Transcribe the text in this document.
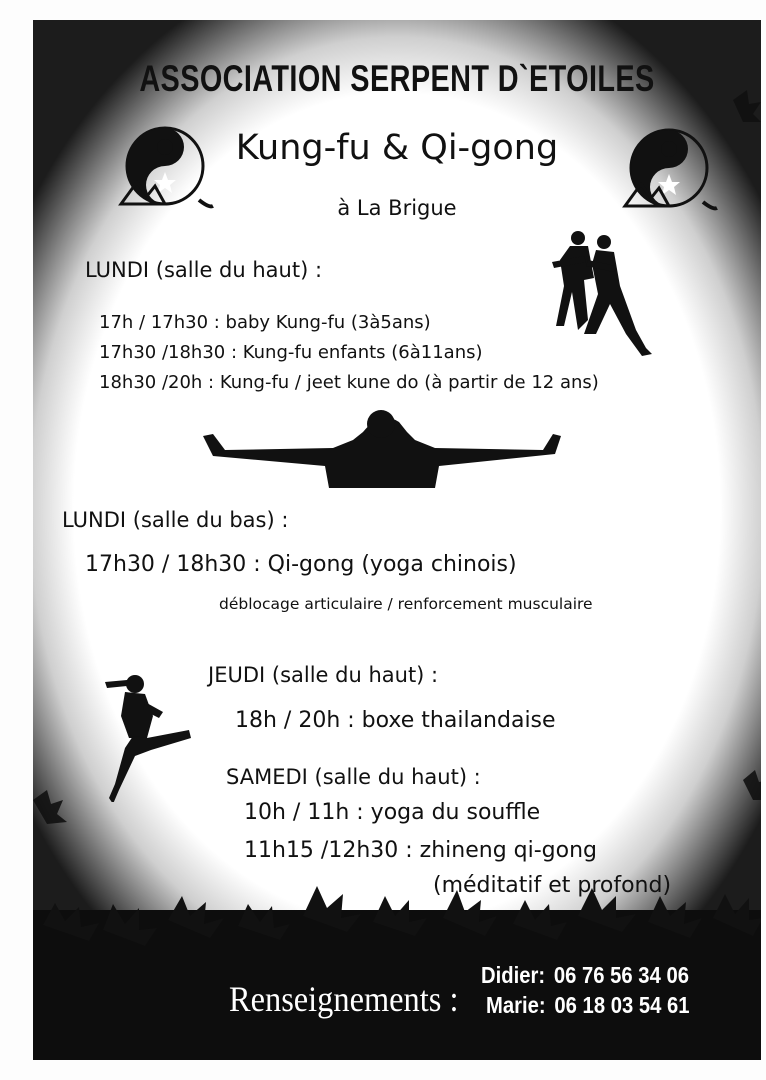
ASSOCIATION SERPENT D`ETOILES
Kung-fu & Qi-gong
à La Brigue
LUNDI (salle du haut) :
17h / 17h30 : baby Kung-fu (3à5ans)
17h30 /18h30 : Kung-fu enfants (6à11ans)
18h30 /20h : Kung-fu / jeet kune do (à partir de 12 ans)
LUNDI (salle du bas) :
17h30 / 18h30 : Qi-gong (yoga chinois)
déblocage articulaire / renforcement musculaire
JEUDI (salle du haut) :
18h / 20h : boxe thailandaise
SAMEDI (salle du haut) :
10h / 11h : yoga du souffle
11h15 /12h30 : zhineng qi-gong
(méditatif et profond)
Renseignements :
Didier: 06 76 56 34 06
Marie: 06 18 03 54 61
